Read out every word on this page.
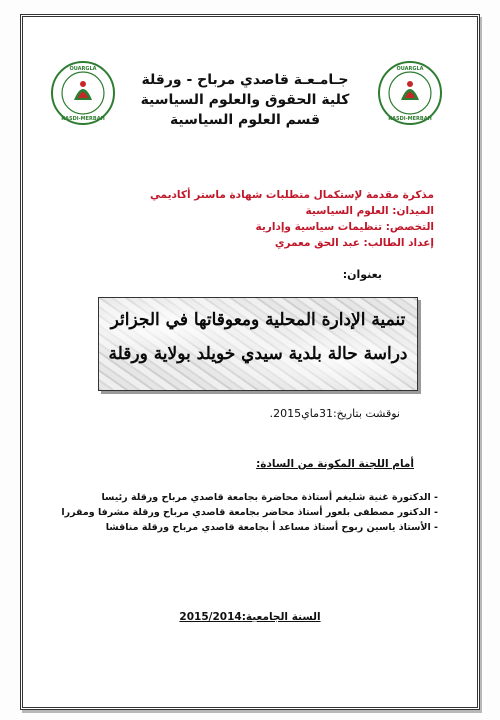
KASDI-MERBAH
OUARGLA
KASDI-MERBAH
OUARGLA
جـامـعـة قاصدي مرباح - ورقلة
كلية الحقوق والعلوم السياسية
قسم العلوم السياسية
مذكرة مقدمة لإستكمال متطلبات شهادة ماستر أكاديمي
الميدان: العلوم السياسية
التخصص: تنظيمات سياسية وإدارية
إعداد الطالب: عبد الحق معمري
بعنوان:
تنمية الإدارة المحلية ومعوقاتها في الجزائر
دراسة حالة بلدية سيدي خويلد بولاية ورقلة
نوقشت بتاريخ:31ماي2015.
أمام اللجنة المكونة من السادة:
- الدكتورة غنية شليغم أستاذة محاضرة بجامعة قاصدي مرباح ورقلة رئيسا
- الدكتور مصطفى بلعور أستاذ محاضر بجامعة قاصدي مرباح ورقلة مشرفا ومقررا
- الأستاذ ياسين ربوح أستاذ مساعد أ بجامعة قاصدي مرباح ورقلة مناقشا
السنة الجامعية:2015/2014
